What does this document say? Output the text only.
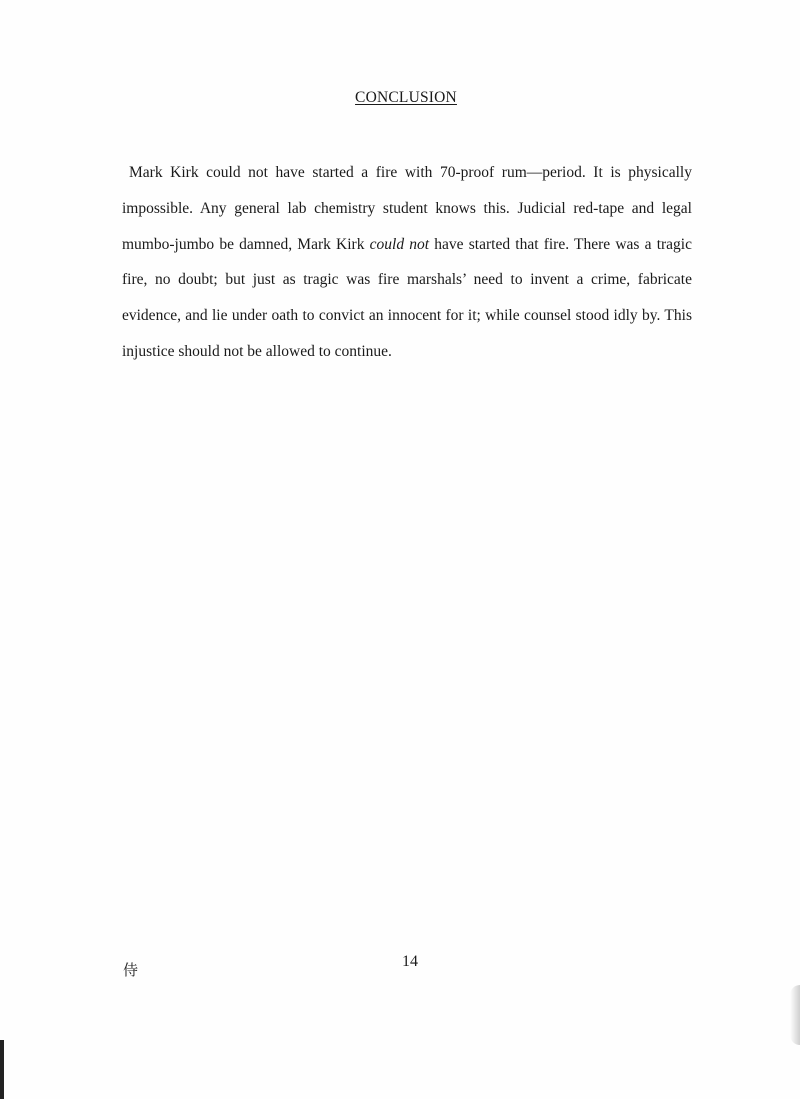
CONCLUSION

Mark Kirk could not have started a fire with 70-proof rum—period. It is physically impossible. Any general lab chemistry student knows this. Judicial red-tape and legal mumbo-jumbo be damned, Mark Kirk could not have started that fire. There was a tragic fire, no doubt; but just as tragic was fire marshals’ need to invent a crime, fabricate evidence, and lie under oath to convict an innocent for it; while counsel stood idly by. This injustice should not be allowed to continue.

侍	14
